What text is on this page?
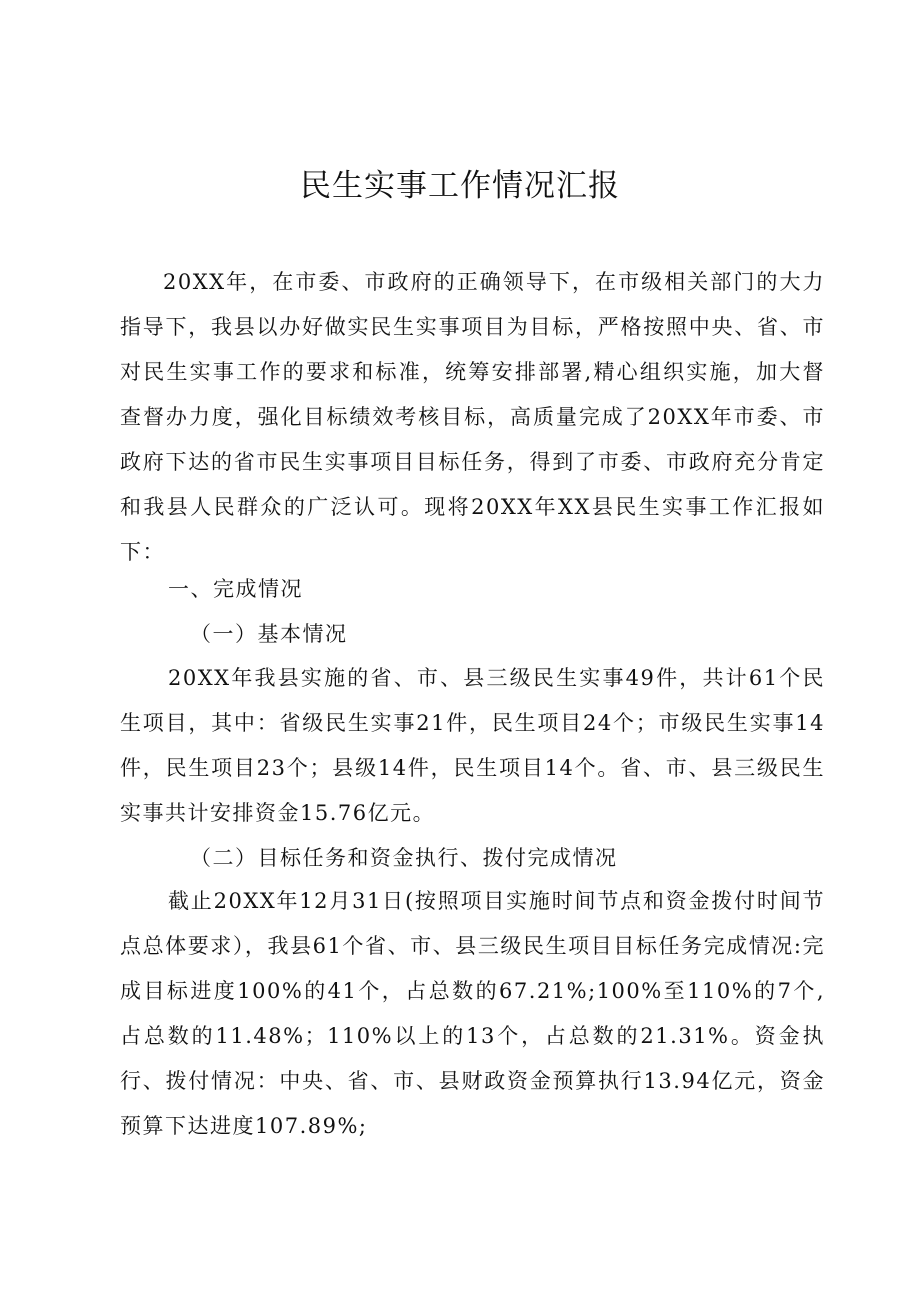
民生实事工作情况汇报

20XX年，在市委、市政府的正确领导下，在市级相关部门的大力指导下，我县以办好做实民生实事项目为目标，严格按照中央、省、市对民生实事工作的要求和标准，统筹安排部署,精心组织实施，加大督查督办力度，强化目标绩效考核目标，高质量完成了20XX年市委、市政府下达的省市民生实事项目目标任务，得到了市委、市政府充分肯定和我县人民群众的广泛认可。现将20XX年XX县民生实事工作汇报如下：

一、完成情况

（一）基本情况

20XX年我县实施的省、市、县三级民生实事49件，共计61个民生项目，其中：省级民生实事21件，民生项目24个；市级民生实事14件，民生项目23个；县级14件，民生项目14个。省、市、县三级民生实事共计安排资金15.76亿元。

（二）目标任务和资金执行、拨付完成情况

截止20XX年12月31日(按照项目实施时间节点和资金拨付时间节点总体要求），我县61个省、市、县三级民生项目目标任务完成情况:完成目标进度100%的41个，占总数的67.21%;100%至110%的7个, 占总数的11.48%；110%以上的13个，占总数的21.31%。资金执行、拨付情况：中央、省、市、县财政资金预算执行13.94亿元，资金预算下达进度107.89%;
